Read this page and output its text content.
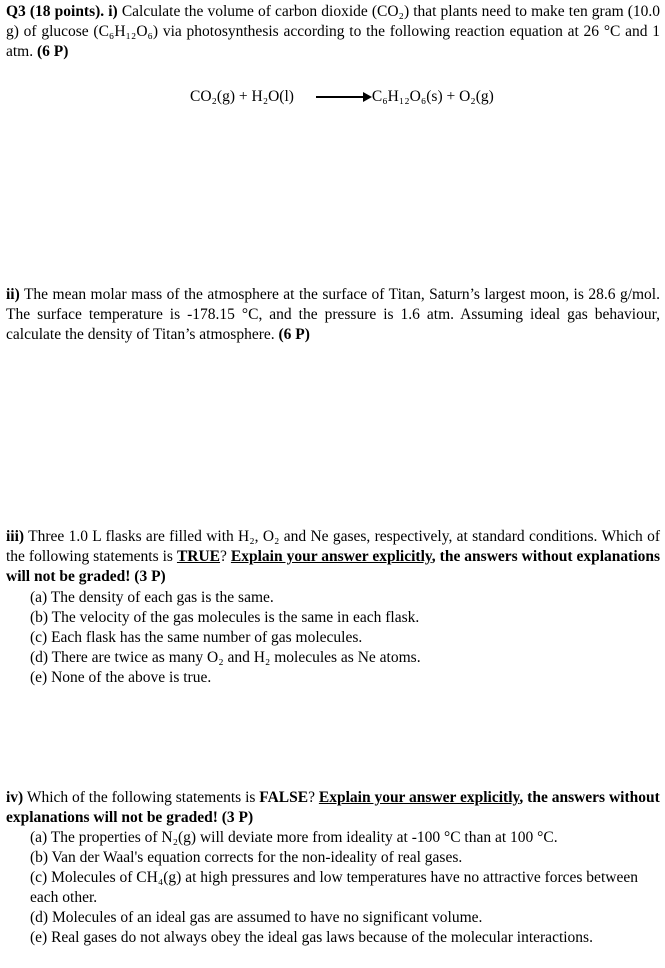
Q3 (18 points). i) Calculate the volume of carbon dioxide (CO₂) that plants need to make ten gram (10.0 g) of glucose (C₆H₁₂O₆) via photosynthesis according to the following reaction equation at 26 °C and 1 atm. (6 P)
CO₂(g) + H₂O(l)	C₆H₁₂O₆(s) + O₂(g)
ii) The mean molar mass of the atmosphere at the surface of Titan, Saturn’s largest moon, is 28.6 g/mol. The surface temperature is -178.15 °C, and the pressure is 1.6 atm. Assuming ideal gas behaviour, calculate the density of Titan’s atmosphere. (6 P)
iii) Three 1.0 L flasks are filled with H₂, O₂ and Ne gases, respectively, at standard conditions. Which of the following statements is TRUE? Explain your answer explicitly, the answers without explanations will not be graded! (3 P)
(a) The density of each gas is the same.
(b) The velocity of the gas molecules is the same in each flask.
(c) Each flask has the same number of gas molecules.
(d) There are twice as many O₂ and H₂ molecules as Ne atoms.
(e) None of the above is true.
iv) Which of the following statements is FALSE? Explain your answer explicitly, the answers without explanations will not be graded! (3 P)
(a) The properties of N₂(g) will deviate more from ideality at -100 °C than at 100 °C.
(b) Van der Waal's equation corrects for the non-ideality of real gases.
(c) Molecules of CH₄(g) at high pressures and low temperatures have no attractive forces between each other.
(d) Molecules of an ideal gas are assumed to have no significant volume.
(e) Real gases do not always obey the ideal gas laws because of the molecular interactions.
